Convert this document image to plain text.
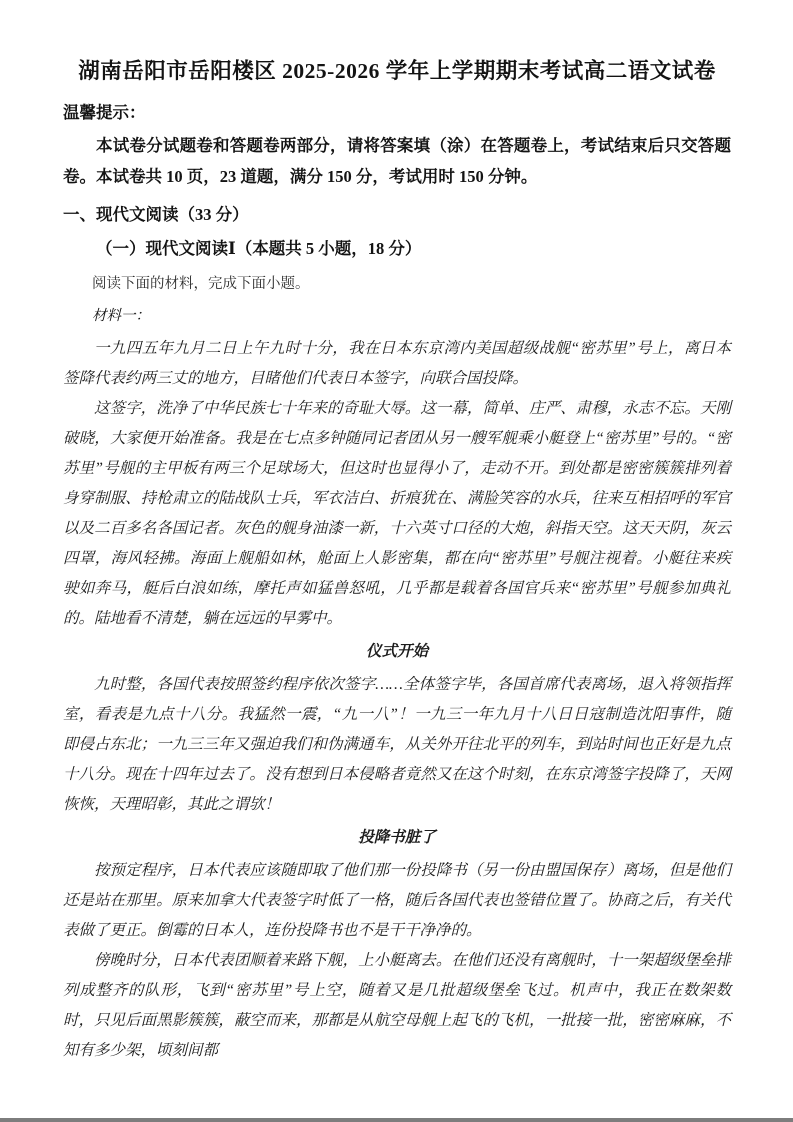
湖南岳阳市岳阳楼区 2025-2026 学年上学期期末考试高二语文试卷
温馨提示：

本试卷分试题卷和答题卷两部分，请将答案填（涂）在答题卷上，考试结束后只交答题卷。本试卷共 10 页，23 道题，满分 150 分，考试用时 150 分钟。

一、现代文阅读（33 分）
（一）现代文阅读Ⅰ（本题共 5 小题，18 分）

阅读下面的材料，完成下面小题。

材料一：

一九四五年九月二日上午九时十分，我在日本东京湾内美国超级战舰“密苏里”号上，离日本签降代表约两三丈的地方，目睹他们代表日本签字，向联合国投降。

这签字，洗净了中华民族七十年来的奇耻大辱。这一幕，简单、庄严、肃穆，永志不忘。天刚破晓，大家便开始准备。我是在七点多钟随同记者团从另一艘军舰乘小艇登上“密苏里”号的。“密苏里”号舰的主甲板有两三个足球场大，但这时也显得小了，走动不开。到处都是密密簇簇排列着身穿制服、持枪肃立的陆战队士兵，军衣洁白、折痕犹在、满脸笑容的水兵，往来互相招呼的军官以及二百多名各国记者。灰色的舰身油漆一新，十六英寸口径的大炮，斜指天空。这天天阴，灰云四罩，海风轻拂。海面上舰船如林，舱面上人影密集，都在向“密苏里”号舰注视着。小艇往来疾驶如奔马，艇后白浪如练，摩托声如猛兽怒吼，几乎都是载着各国官兵来“密苏里”号舰参加典礼的。陆地看不清楚，躺在远远的早雾中。

仪式开始

九时整，各国代表按照签约程序依次签字……全体签字毕，各国首席代表离场，退入将领指挥室，看表是九点十八分。我猛然一震，“九一八”！一九三一年九月十八日日寇制造沈阳事件，随即侵占东北；一九三三年又强迫我们和伪满通车，从关外开往北平的列车，到站时间也正好是九点十八分。现在十四年过去了。没有想到日本侵略者竟然又在这个时刻，在东京湾签字投降了，天网恢恢，天理昭彰，其此之谓欤！

投降书脏了

按预定程序，日本代表应该随即取了他们那一份投降书（另一份由盟国保存）离场，但是他们还是站在那里。原来加拿大代表签字时低了一格，随后各国代表也签错位置了。协商之后，有关代表做了更正。倒霉的日本人，连份投降书也不是干干净净的。

傍晚时分，日本代表团顺着来路下舰，上小艇离去。在他们还没有离舰时，十一架超级堡垒排列成整齐的队形，飞到“密苏里”号上空，随着又是几批超级堡垒飞过。机声中，我正在数架数时，只见后面黑影簇簇，蔽空而来，那都是从航空母舰上起飞的飞机，一批接一批，密密麻麻，不知有多少架，顷刻间都
